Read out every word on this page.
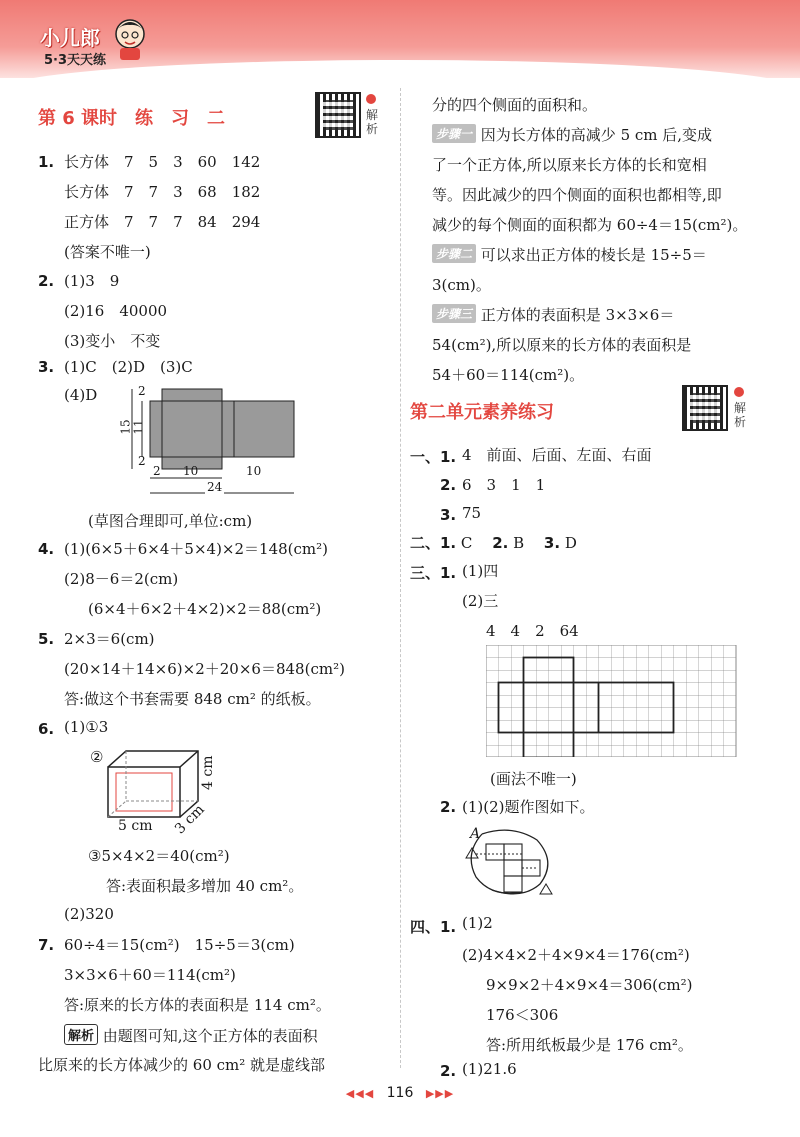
小儿郎
5·3天天练
第 6 课时　练　习　二	解析
1. 长方体　7　5　3　60　142
长方体　7　7　3　68　182
正方体　7　7　7　84　294
(答案不唯一)
2. (1)3　9
(2)16　40000
(3)变小　不变
3. (1)C　(2)D　(3)C
(4)D	2
15 11
2
2 10	10
24
(草图合理即可,单位:cm)
4. (1)(6×5＋6×4＋5×4)×2＝148(cm²)
(2)8－6＝2(cm)
(6×4＋6×2＋4×2)×2＝88(cm²)
5. 2×3＝6(cm)
(20×14＋14×6)×2＋20×6＝848(cm²)
答:做这个书套需要 848 cm² 的纸板。
6. (1)①3
②	4 cm
5 cm 3 cm
③5×4×2＝40(cm²)
答:表面积最多增加 40 cm²。
(2)320
7. 60÷4＝15(cm²)　15÷5＝3(cm)
3×3×6＋60＝114(cm²)
答:原来的长方体的表面积是 114 cm²。
解析 由题图可知,这个正方体的表面积
比原来的长方体减少的 60 cm² 就是虚线部
分的四个侧面的面积和。
步骤一 因为长方体的高减少 5 cm 后,变成
了一个正方体,所以原来长方体的长和宽相
等。因此减少的四个侧面的面积也都相等,即
减少的每个侧面的面积都为 60÷4＝15(cm²)。
步骤二 可以求出正方体的棱长是 15÷5＝
3(cm)。
步骤三 正方体的表面积是 3×3×6＝
54(cm²),所以原来的长方体的表面积是
54＋60＝114(cm²)。
第二单元素养练习	解析
一、1. 4　前面、后面、左面、右面
2. 6　3　1　1
3. 75
二、1. C　 2. B　 3. D
三、1. (1)四
(2)三
4　4　2　64
(画法不唯一)
2. (1)(2)题作图如下。
A
四、1. (1)2
(2)4×4×2＋4×9×4＝176(cm²)
9×9×2＋4×9×4＝306(cm²)
176＜306
答:所用纸板最少是 176 cm²。
2. (1)21.6
◀◀◀ 116 ▶▶▶
